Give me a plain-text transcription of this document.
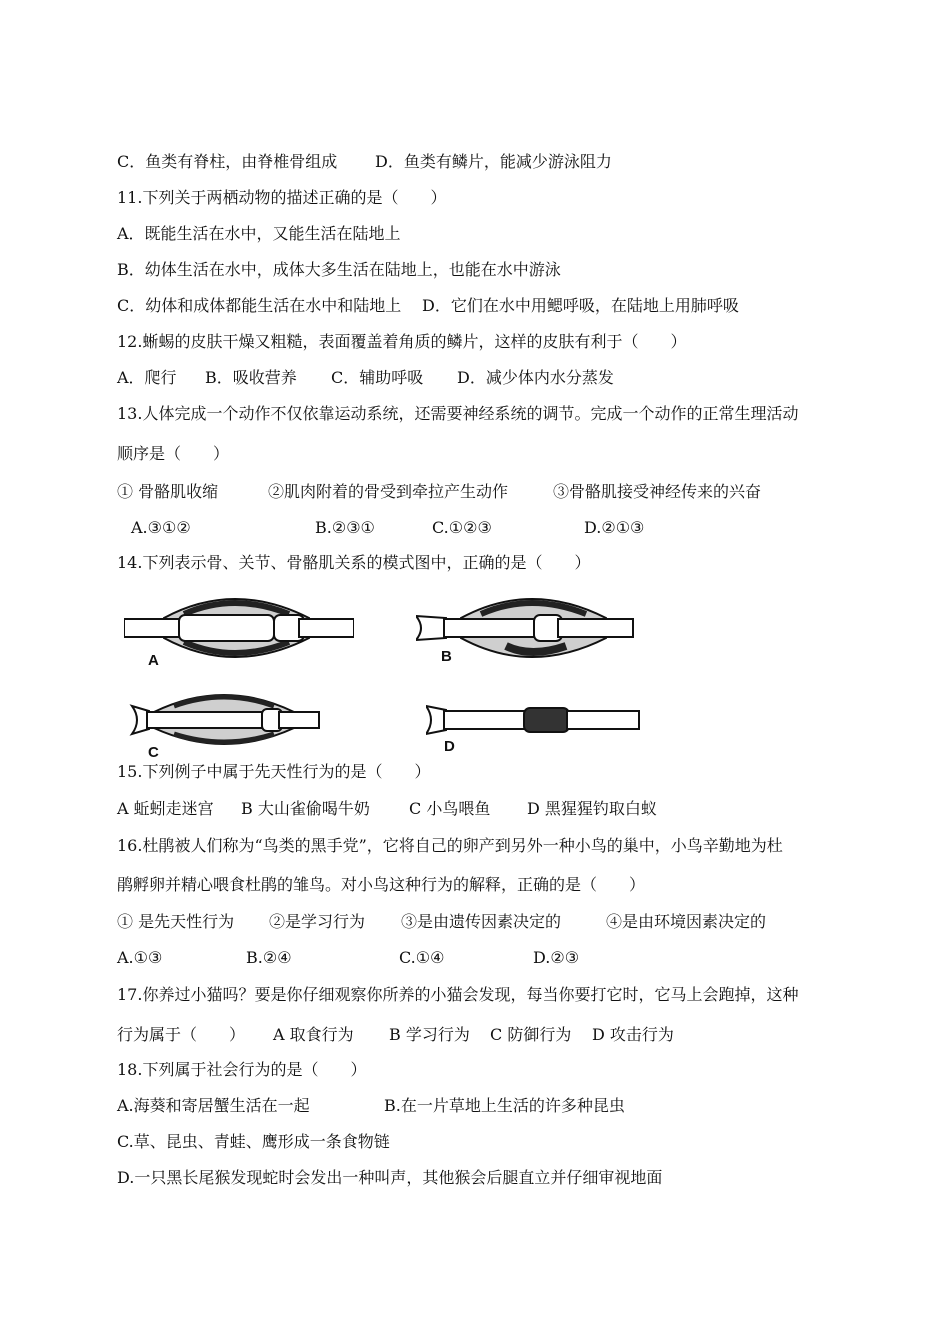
C．鱼类有脊柱，由脊椎骨组成 D．鱼类有鳞片，能减少游泳阻力
11.下列关于两栖动物的描述正确的是（　　）
A．既能生活在水中，又能生活在陆地上
B．幼体生活在水中，成体大多生活在陆地上，也能在水中游泳
C．幼体和成体都能生活在水中和陆地上 D．它们在水中用鳃呼吸，在陆地上用肺呼吸
12.蜥蜴的皮肤干燥又粗糙，表面覆盖着角质的鳞片，这样的皮肤有利于（　　）
A．爬行 B．吸收营养 C．辅助呼吸 D．减少体内水分蒸发
13.人体完成一个动作不仅依靠运动系统，还需要神经系统的调节。完成一个动作的正常生理活动
顺序是（　　）
① 骨骼肌收缩	②肌肉附着的骨受到牵拉产生动作	③骨骼肌接受神经传来的兴奋
A.③①②	B.②③①	C.①②③	D.②①③
14.下列表示骨、关节、骨骼肌关系的模式图中，正确的是（　　）
A	B
C	D
15.下列例子中属于先天性行为的是（　　）
A 蚯蚓走迷宫 B 大山雀偷喝牛奶 C 小鸟喂鱼 D 黑猩猩钓取白蚁
16.杜鹃被人们称为“鸟类的黑手党”，它将自己的卵产到另外一种小鸟的巢中，小鸟辛勤地为杜
鹃孵卵并精心喂食杜鹃的雏鸟。对小鸟这种行为的解释，正确的是（　　）
① 是先天性行为 ②是学习行为 ③是由遗传因素决定的	④是由环境因素决定的
A.①③	B.②④	C.①④	D.②③
17.你养过小猫吗？要是你仔细观察你所养的小猫会发现，每当你要打它时，它马上会跑掉，这种
行为属于（　　） A 取食行为 B 学习行为 C 防御行为 D 攻击行为
18.下列属于社会行为的是（　　）
A.海葵和寄居蟹生活在一起	B.在一片草地上生活的许多种昆虫
C.草、昆虫、青蛙、鹰形成一条食物链
D.一只黑长尾猴发现蛇时会发出一种叫声，其他猴会后腿直立并仔细审视地面
